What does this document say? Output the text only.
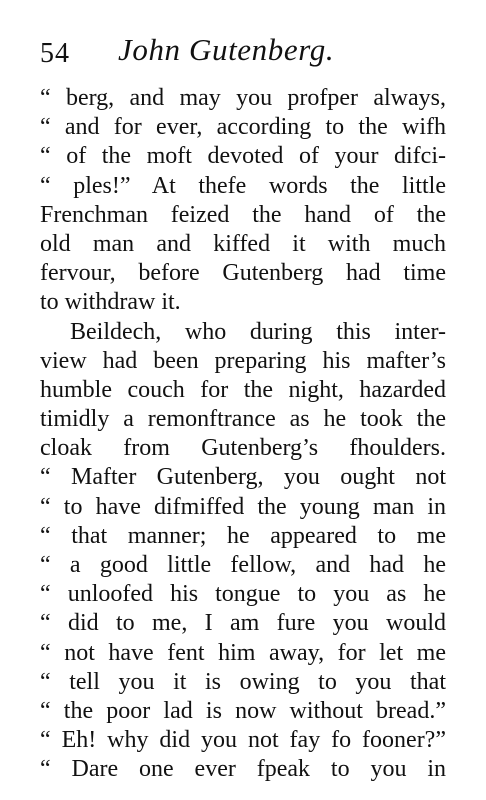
54 John Gutenberg.
“ berg, and may you profper always,
“ and for ever, according to the wifh
“ of the moft devoted of your difci-
“ ples!” At thefe words the little
Frenchman feized the hand of the
old man and kiffed it with much
fervour, before Gutenberg had time
to withdraw it.
Beildech, who during this inter-
view had been preparing his mafter’s
humble couch for the night, hazarded
timidly a remonftrance as he took the
cloak from Gutenberg’s fhoulders.
“ Mafter Gutenberg, you ought not
“ to have difmiffed the young man in
“ that manner; he appeared to me
“ a good little fellow, and had he
“ unloofed his tongue to you as he
“ did to me, I am fure you would
“ not have fent him away, for let me
“ tell you it is owing to you that
“ the poor lad is now without bread.”
“ Eh! why did you not fay fo fooner?”
“ Dare one ever fpeak to you in
